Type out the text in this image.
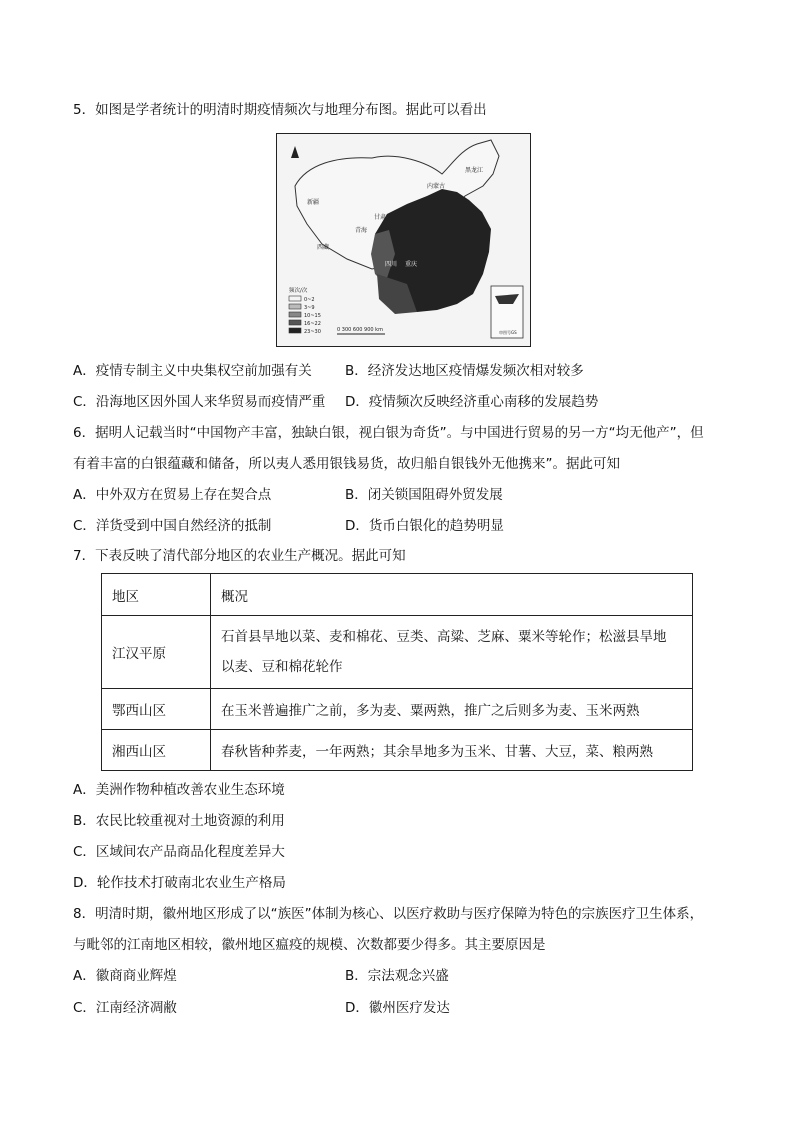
5．如图是学者统计的明清时期疫情频次与地理分布图。据此可以看出
新疆
西藏
青海
内蒙古
黑龙江
四川 重庆
甘肃
频次/次
0~2
3~9
10~15
16~22
23~30	0 300 600 900 km	审图号GS
A．疫情专制主义中央集权空前加强有关 B．经济发达地区疫情爆发频次相对较多
C．沿海地区因外国人来华贸易而疫情严重 D．疫情频次反映经济重心南移的发展趋势
6．据明人记载当时“中国物产丰富，独缺白银，视白银为奇货”。与中国进行贸易的另一方“均无他产”，但
有着丰富的白银蕴藏和储备，所以夷人悉用银钱易货，故归船自银钱外无他携来”。据此可知
A．中外双方在贸易上存在契合点	B．闭关锁国阻碍外贸发展
C．洋货受到中国自然经济的抵制	D．货币白银化的趋势明显
7．下表反映了清代部分地区的农业生产概况。据此可知
地区	概况
江汉平原	石首县旱地以菜、麦和棉花、豆类、高粱、芝麻、粟米等轮作；松滋县旱地
以麦、豆和棉花轮作

鄂西山区	在玉米普遍推广之前，多为麦、粟两熟，推广之后则多为麦、玉米两熟
湘西山区	春秋皆种荞麦，一年两熟；其余旱地多为玉米、甘薯、大豆，菜、粮两熟
A．美洲作物种植改善农业生态环境
B．农民比较重视对土地资源的利用
C．区域间农产品商品化程度差异大
D．轮作技术打破南北农业生产格局
8．明清时期，徽州地区形成了以“族医”体制为核心、以医疗救助与医疗保障为特色的宗族医疗卫生体系，
与毗邻的江南地区相较，徽州地区瘟疫的规模、次数都要少得多。其主要原因是
A．徽商商业辉煌	B．宗法观念兴盛
C．江南经济凋敝	D．徽州医疗发达
